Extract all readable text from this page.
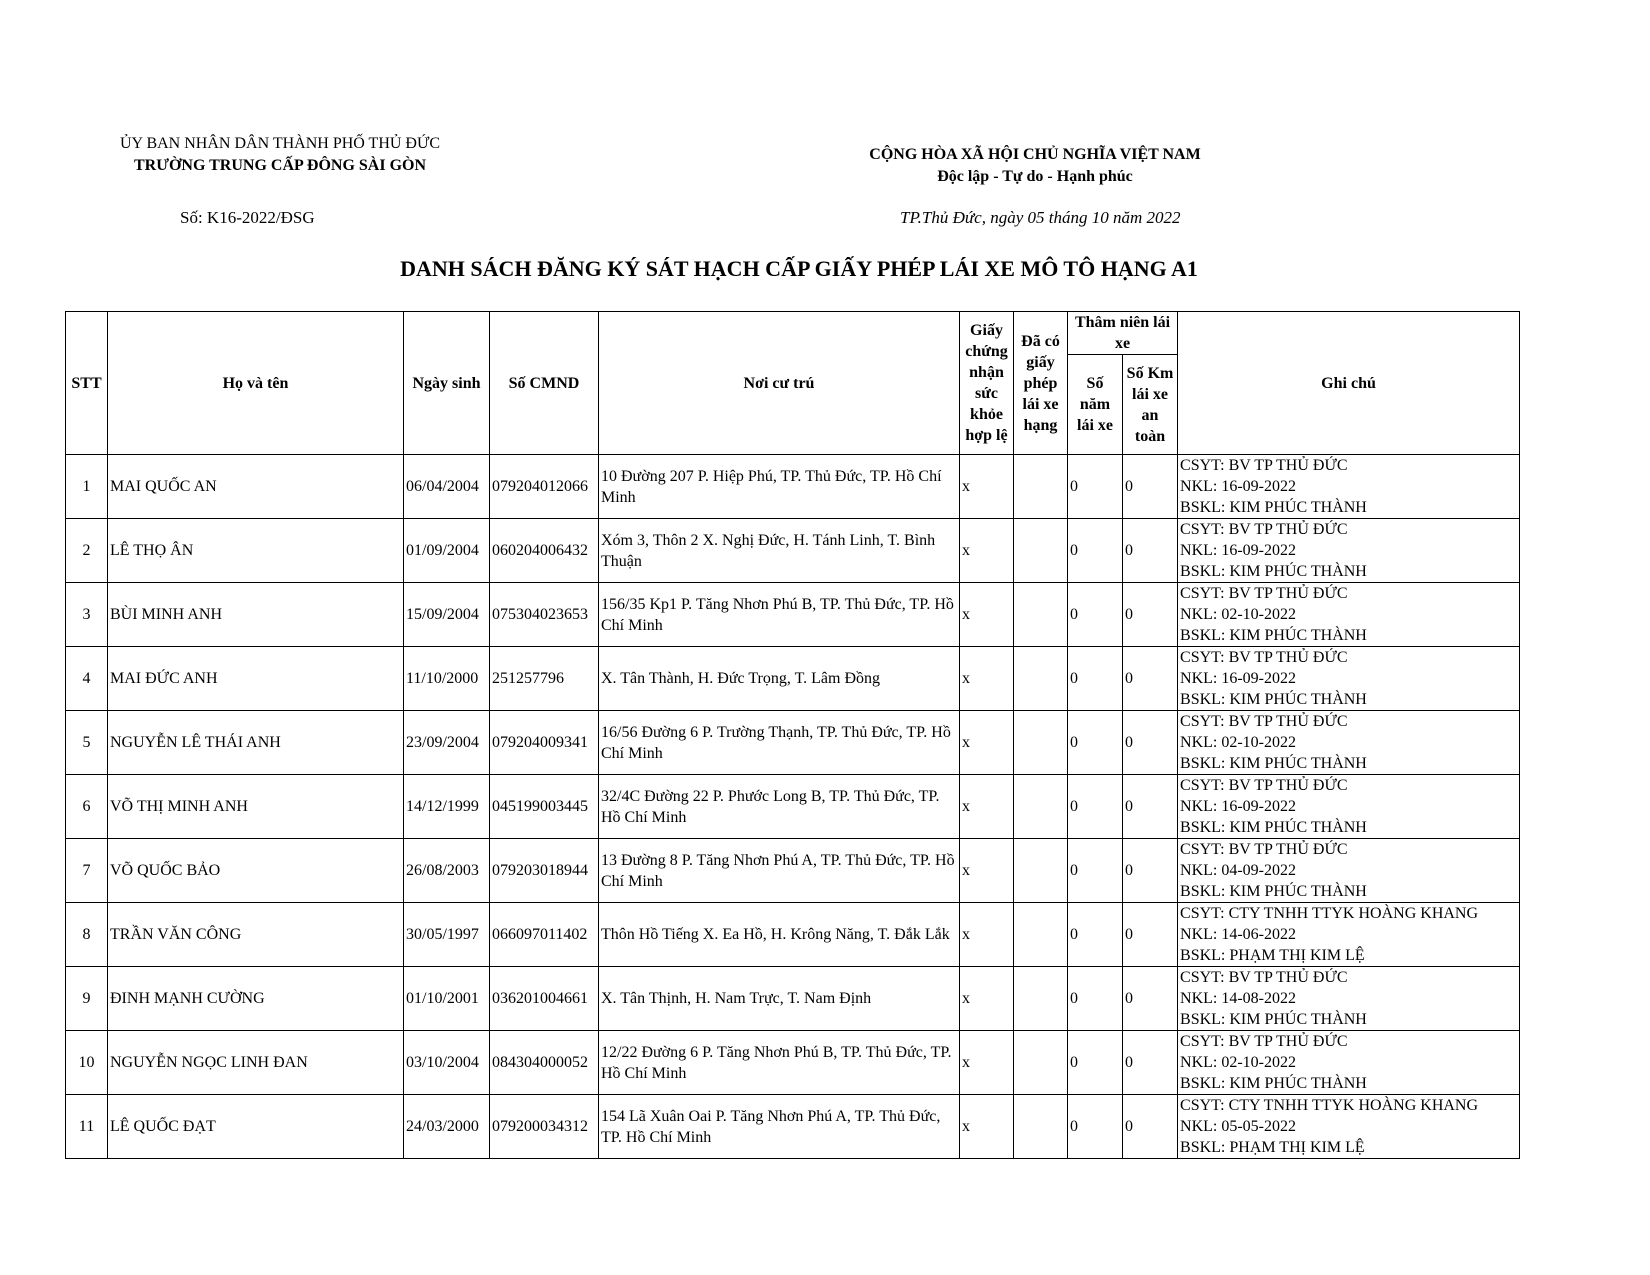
ỦY BAN NHÂN DÂN THÀNH PHỐ THỦ ĐỨC
TRƯỜNG TRUNG CẤP ĐÔNG SÀI GÒN
CỘNG HÒA XÃ HỘI CHỦ NGHĨA VIỆT NAM
Độc lập - Tự do - Hạnh phúc
Số: K16-2022/ĐSG	TP.Thủ Đức, ngày 05 tháng 10 năm 2022
DANH SÁCH ĐĂNG KÝ SÁT HẠCH CẤP GIẤY PHÉP LÁI XE MÔ TÔ HẠNG A1
STT	Họ và tên	Ngày sinh	Số CMND	Nơi cư trú	Giấy chứng nhận sức khỏe hợp lệ	Đã có giấy phép lái xe hạng	Thâm niên lái xe		Ghi chú
							Số năm lái xe	Số Km lái xe an toàn	
1	MAI QUỐC AN	06/04/2004	079204012066	10 Đường 207 P. Hiệp Phú, TP. Thủ Đức, TP. Hồ Chí Minh	x		0	0	CSYT: BV TP THỦ ĐỨC
NKL: 16-09-2022
BSKL: KIM PHÚC THÀNH

2	LÊ THỌ ÂN	01/09/2004	060204006432	Xóm 3, Thôn 2 X. Nghị Đức, H. Tánh Linh, T. Bình Thuận	x		0	0	CSYT: BV TP THỦ ĐỨC
NKL: 16-09-2022
BSKL: KIM PHÚC THÀNH

3	BÙI MINH ANH	15/09/2004	075304023653	156/35 Kp1 P. Tăng Nhơn Phú B, TP. Thủ Đức, TP. Hồ Chí Minh	x		0	0	CSYT: BV TP THỦ ĐỨC
NKL: 02-10-2022
BSKL: KIM PHÚC THÀNH

4	MAI ĐỨC ANH	11/10/2000	251257796	X. Tân Thành, H. Đức Trọng, T. Lâm Đồng	x		0	0	CSYT: BV TP THỦ ĐỨC
NKL: 16-09-2022
BSKL: KIM PHÚC THÀNH

5	NGUYỄN LÊ THÁI ANH	23/09/2004	079204009341	16/56 Đường 6 P. Trường Thạnh, TP. Thủ Đức, TP. Hồ Chí Minh	x		0	0	CSYT: BV TP THỦ ĐỨC
NKL: 02-10-2022
BSKL: KIM PHÚC THÀNH

6	VÕ THỊ MINH ANH	14/12/1999	045199003445	32/4C Đường 22 P. Phước Long B, TP. Thủ Đức, TP. Hồ Chí Minh	x		0	0	CSYT: BV TP THỦ ĐỨC
NKL: 16-09-2022
BSKL: KIM PHÚC THÀNH

7	VÕ QUỐC BẢO	26/08/2003	079203018944	13 Đường 8 P. Tăng Nhơn Phú A, TP. Thủ Đức, TP. Hồ Chí Minh	x		0	0	CSYT: BV TP THỦ ĐỨC
NKL: 04-09-2022
BSKL: KIM PHÚC THÀNH

8	TRẦN VĂN CÔNG	30/05/1997	066097011402	Thôn Hồ Tiếng X. Ea Hồ, H. Krông Năng, T. Đắk Lắk	x		0	0	CSYT: CTY TNHH TTYK HOÀNG KHANG
NKL: 14-06-2022
BSKL: PHẠM THỊ KIM LỆ

9	ĐINH MẠNH CƯỜNG	01/10/2001	036201004661	X. Tân Thịnh, H. Nam Trực, T. Nam Định	x		0	0	CSYT: BV TP THỦ ĐỨC
NKL: 14-08-2022
BSKL: KIM PHÚC THÀNH

10	NGUYỄN NGỌC LINH ĐAN	03/10/2004	084304000052	12/22 Đường 6 P. Tăng Nhơn Phú B, TP. Thủ Đức, TP. Hồ Chí Minh	x		0	0	CSYT: BV TP THỦ ĐỨC
NKL: 02-10-2022
BSKL: KIM PHÚC THÀNH

11	LÊ QUỐC ĐẠT	24/03/2000	079200034312	154 Lã Xuân Oai P. Tăng Nhơn Phú A, TP. Thủ Đức, TP. Hồ Chí Minh	x		0	0	CSYT: CTY TNHH TTYK HOÀNG KHANG
NKL: 05-05-2022
BSKL: PHẠM THỊ KIM LỆ
